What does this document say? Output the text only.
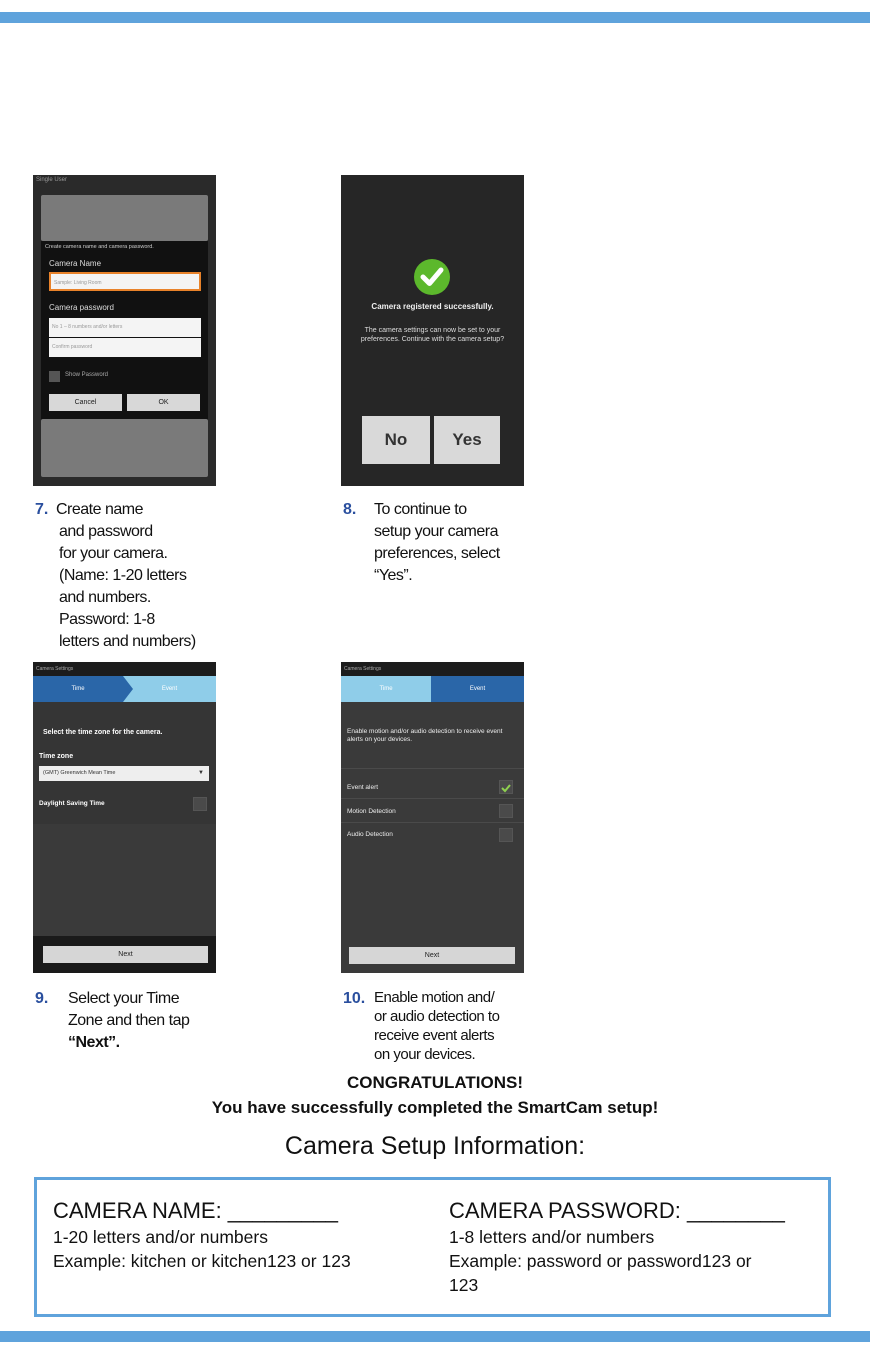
Single User
Create camera name and camera password.
Camera Name
Sample: Living Room
Camera password
No 1 – 8 numbers and/or letters
Confirm password
Show Password
Cancel	OK
Camera registered successfully.
The camera settings can now be set to your preferences. Continue with the camera setup?
No	Yes
Camera Settings
Time	Event
Select the time zone for the camera.
Time zone
(GMT) Greenwich Mean Time	▼
Daylight Saving Time
Next
Camera Settings
Time	Event
Enable motion and/or audio detection to receive event alerts on your devices.
Event alert
Motion Detection
Audio Detection
Next
7. Create name
and password
for your camera.
(Name: 1-20 letters
and numbers.
Password: 1-8
letters and numbers)
8. To continue to
setup your camera
preferences, select
“Yes”.
9. Select your Time
Zone and then tap
“Next”.
10. Enable motion and/
or audio detection to
receive event alerts
on your devices.
CONGRATULATIONS!
You have successfully completed the SmartCam setup!
Camera Setup Information:
CAMERA NAME: _________
1-20 letters and/or numbers
Example: kitchen or kitchen123 or 123
CAMERA PASSWORD: ________
1-8 letters and/or numbers
Example: password or password123 or
123
